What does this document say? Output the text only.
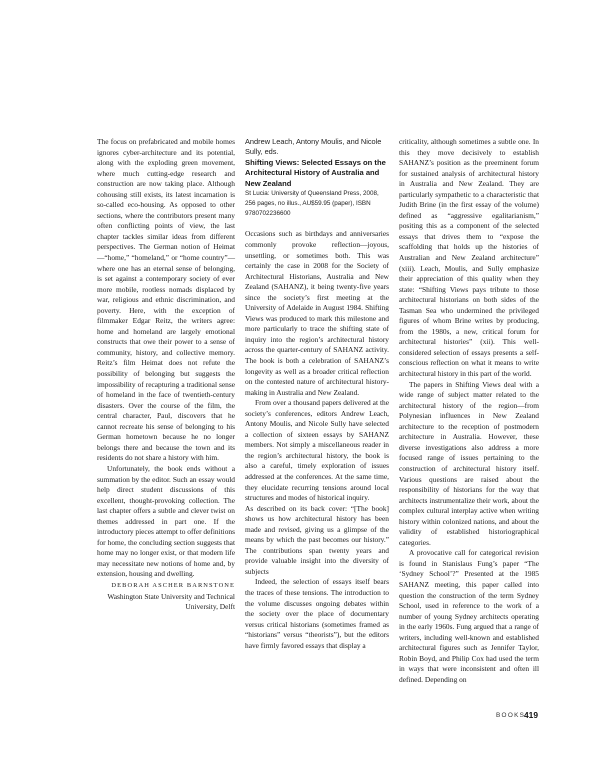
The focus on prefabricated and mobile homes ignores cyber-architecture and its potential, along with the exploding green movement, where much cutting-edge research and construction are now taking place. Although cohousing still exists, its latest incarnation is so-called eco-housing. As opposed to other sections, where the contributors present many often conflicting points of view, the last chapter tackles similar ideas from different perspectives. The German notion of Heimat—“home,” “homeland,” or “home country”—where one has an eternal sense of belonging, is set against a contemporary society of ever more mobile, rootless nomads displaced by war, religious and ethnic discrimination, and poverty. Here, with the exception of filmmaker Edgar Reitz, the writers agree: home and homeland are largely emotional constructs that owe their power to a sense of community, history, and collective memory. Reitz’s film Heimat does not refute the possibility of belonging but suggests the impossibility of recapturing a traditional sense of homeland in the face of twentieth-century disasters. Over the course of the film, the central character, Paul, discovers that he cannot recreate his sense of belonging to his German hometown because he no longer belongs there and because the town and its residents do not share a history with him.

Unfortunately, the book ends without a summation by the editor. Such an essay would help direct student discussions of this excellent, thought-provoking collection. The last chapter offers a subtle and clever twist on themes addressed in part one. If the introductory pieces attempt to offer definitions for home, the concluding section suggests that home may no longer exist, or that modern life may necessitate new notions of home and, by extension, housing and dwelling.

DEBORAH ASCHER BARNSTONE
Washington State University and Technical University, Delft
Andrew Leach, Antony Moulis, and Nicole Sully, eds.
Shifting Views: Selected Essays on the Architectural History of Australia and New Zealand
St Lucia: University of Queensland Press, 2008, 256 pages, no illus., AU$59.95 (paper), ISBN 9780702236600

Occasions such as birthdays and anniversaries commonly provoke reflection—joyous, unsettling, or sometimes both. This was certainly the case in 2008 for the Society of Architectural Historians, Australia and New Zealand (SAHANZ), it being twenty-five years since the society’s first meeting at the University of Adelaide in August 1984. Shifting Views was produced to mark this milestone and more particularly to trace the shifting state of inquiry into the region’s architectural history across the quarter-century of SAHANZ activity. The book is both a celebration of SAHANZ’s longevity as well as a broader critical reflection on the contested nature of architectural history-making in Australia and New Zealand.

From over a thousand papers delivered at the society’s conferences, editors Andrew Leach, Antony Moulis, and Nicole Sully have selected a collection of sixteen essays by SAHANZ members. Not simply a miscellaneous reader in the region’s architectural history, the book is also a careful, timely exploration of issues addressed at the conferences. At the same time, they elucidate recurring tensions around local structures and modes of historical inquiry.

As described on its back cover: “[The book] shows us how architectural history has been made and revised, giving us a glimpse of the means by which the past becomes our history.” The contributions span twenty years and provide valuable insight into the diversity of subjects

Indeed, the selection of essays itself bears the traces of these tensions. The introduction to the volume discusses ongoing debates within the society over the place of documentary versus critical historians (sometimes framed as “historians” versus “theorists”), but the editors have firmly favored essays that display a

criticality, although sometimes a subtle one. In this they move decisively to establish SAHANZ’s position as the preeminent forum for sustained analysis of architectural history in Australia and New Zealand. They are particularly sympathetic to a characteristic that Judith Brine (in the first essay of the volume) defined as “aggressive egalitarianism,” positing this as a component of the selected essays that drives them to “expose the scaffolding that holds up the histories of Australian and New Zealand architecture” (xiii). Leach, Moulis, and Sully emphasize their appreciation of this quality when they state: “Shifting Views pays tribute to those architectural historians on both sides of the Tasman Sea who undermined the privileged figures of whom Brine writes by producing, from the 1980s, a new, critical forum for architectural histories” (xii). This well-considered selection of essays presents a self-conscious reflection on what it means to write architectural history in this part of the world.

The papers in Shifting Views deal with a wide range of subject matter related to the architectural history of the region—from Polynesian influences in New Zealand architecture to the reception of postmodern architecture in Australia. However, these diverse investigations also address a more focused range of issues pertaining to the construction of architectural history itself. Various questions are raised about the responsibility of historians for the way that architects instrumentalize their work, about the complex cultural interplay active when writing history within colonized nations, and about the validity of established historiographical categories.

A provocative call for categorical revision is found in Stanislaus Fung’s paper “The ‘Sydney School’?” Presented at the 1985 SAHANZ meeting, this paper called into question the construction of the term Sydney School, used in reference to the work of a number of young Sydney architects operating in the early 1960s. Fung argued that a range of writers, including well-known and established architectural figures such as Jennifer Taylor, Robin Boyd, and Philip Cox had used the term in ways that were inconsistent and often ill defined. Depending on

BOOKS
419
